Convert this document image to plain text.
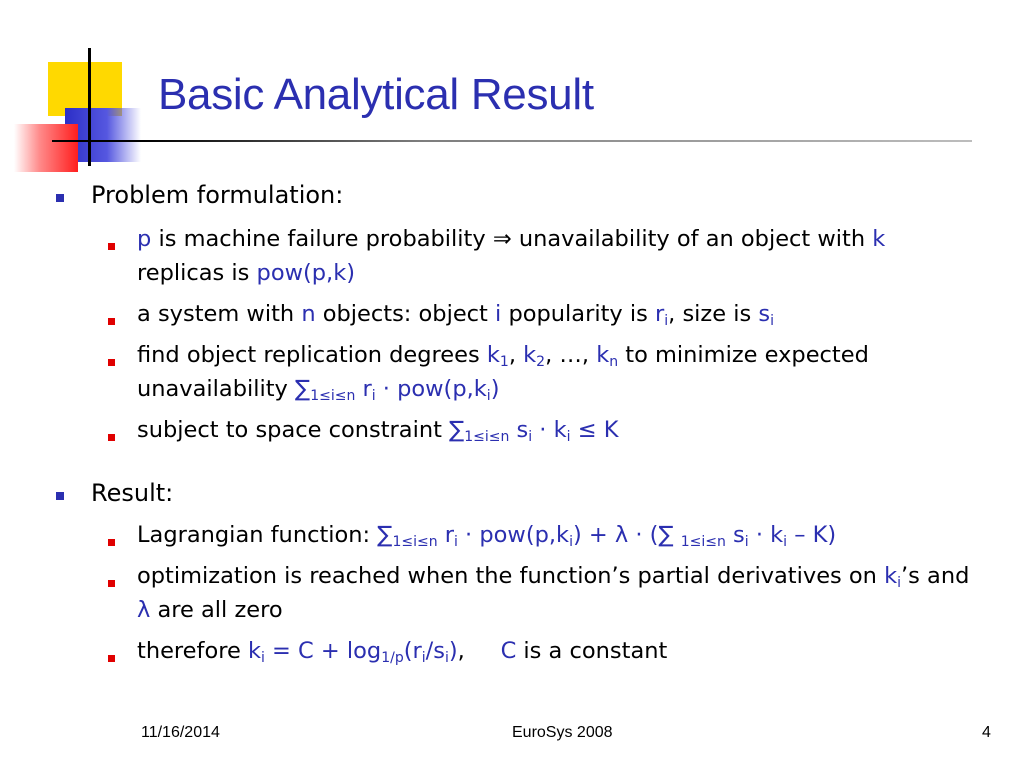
Basic Analytical Result
Problem formulation:
p is machine failure probability ⇒ unavailability of an object with k replicas is pow(p,k)
a system with n objects: object i popularity is $r_i$, size is $s_i$
find object replication degrees $k_1$, $k_2$, …, $k_n$ to minimize expected unavailability $\sum_{1\le i\le n}$ $r_i \cdot pow(p,k_i)$
subject to space constraint $\sum_{1\le i\le n}$ $s_i \cdot k_i \le K$
Result:
Lagrangian function: $\sum_{1\le i\le n}$ $r_i \cdot pow(p,k_i) + \lambda$ · (∑ $_{1\le i\le n}$ $s_i \cdot k_i - K$)
optimization is reached when the function’s partial derivatives on $k_i’s$ and λ are all zero
therefore $k_i = C + \log_{1/p}(r_i/s_i)$,     C is a constant
11/16/2014	EuroSys 2008	4
